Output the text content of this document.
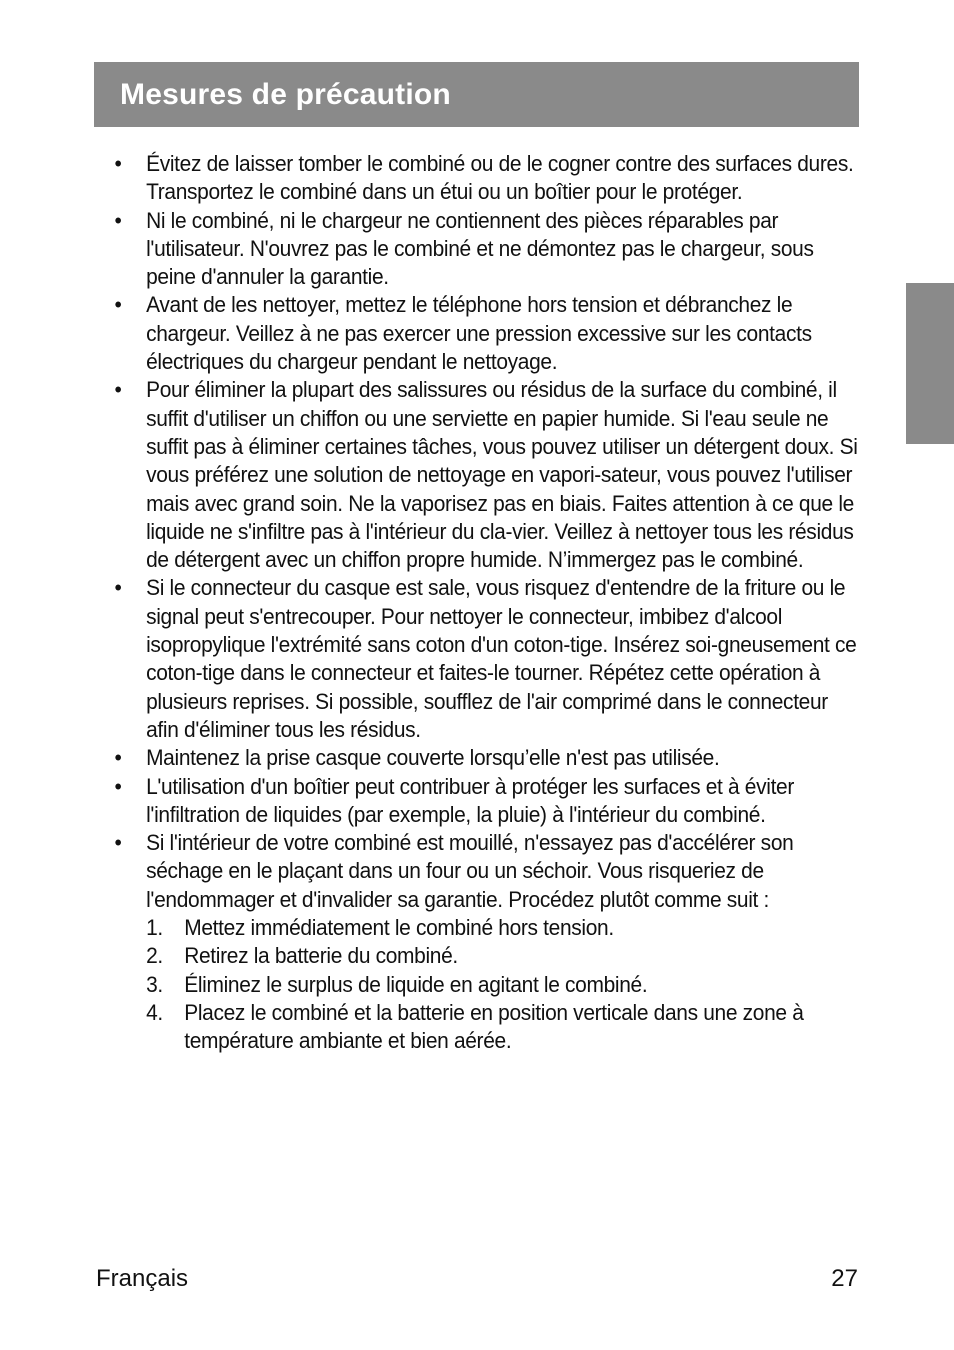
Mesures de précaution
• Évitez de laisser tomber le combiné ou de le cogner contre des surfaces dures. Transportez le combiné dans un étui ou un boîtier pour le protéger.
• Ni le combiné, ni le chargeur ne contiennent des pièces réparables par l'utilisateur. N'ouvrez pas le combiné et ne démontez pas le chargeur, sous peine d'annuler la garantie.
• Avant de les nettoyer, mettez le téléphone hors tension et débranchez le chargeur. Veillez à ne pas exercer une pression excessive sur les contacts électriques du chargeur pendant le nettoyage.
• Pour éliminer la plupart des salissures ou résidus de la surface du combiné, il suffit d'utiliser un chiffon ou une serviette en papier humide. Si l'eau seule ne suffit pas à éliminer certaines tâches, vous pouvez utiliser un détergent doux. Si vous préférez une solution de nettoyage en vapori-sateur, vous pouvez l'utiliser mais avec grand soin. Ne la vaporisez pas en biais. Faites attention à ce que le liquide ne s'infiltre pas à l'intérieur du cla-vier. Veillez à nettoyer tous les résidus de détergent avec un chiffon propre humide. N’immergez pas le combiné.
• Si le connecteur du casque est sale, vous risquez d'entendre de la friture ou le signal peut s'entrecouper. Pour nettoyer le connecteur, imbibez d'alcool isopropylique l'extrémité sans coton d'un coton-tige. Insérez soi-gneusement ce coton-tige dans le connecteur et faites-le tourner. Répétez cette opération à plusieurs reprises. Si possible, soufflez de l'air comprimé dans le connecteur afin d'éliminer tous les résidus.
• Maintenez la prise casque couverte lorsqu’elle n'est pas utilisée.
• L'utilisation d'un boîtier peut contribuer à protéger les surfaces et à éviter l'infiltration de liquides (par exemple, la pluie) à l'intérieur du combiné.
• Si l'intérieur de votre combiné est mouillé, n'essayez pas d'accélérer son séchage en le plaçant dans un four ou un séchoir. Vous risqueriez de l'endommager et d'invalider sa garantie. Procédez plutôt comme suit :
1. Mettez immédiatement le combiné hors tension.
2. Retirez la batterie du combiné.
3. Éliminez le surplus de liquide en agitant le combiné.
4. Placez le combiné et la batterie en position verticale dans une zone à température ambiante et bien aérée.
Français	27
